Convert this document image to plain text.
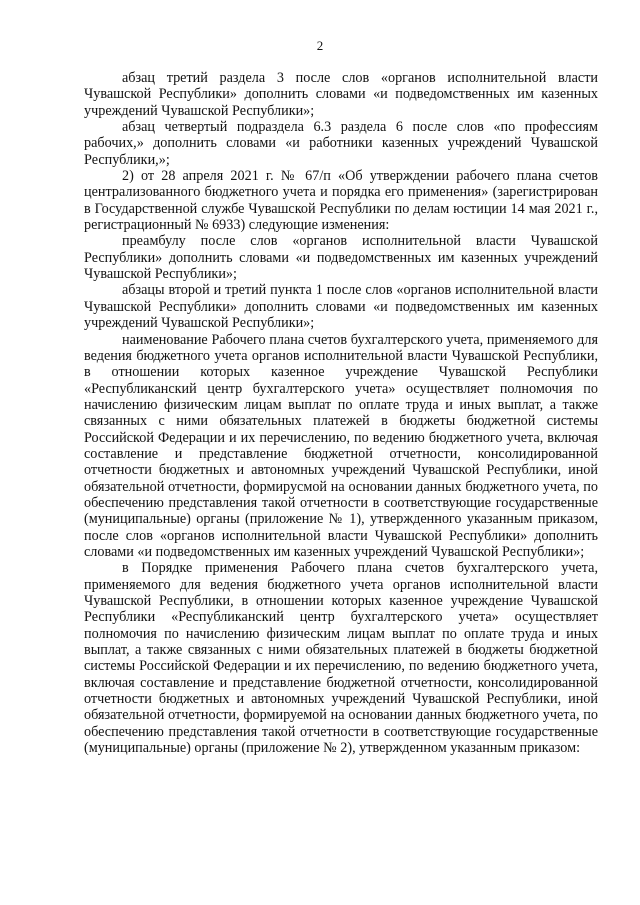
2

абзац третий раздела 3 после слов «органов исполнительной власти Чувашской Республики» дополнить словами «и подведомственных им казенных учреждений Чувашской Республики»;

абзац четвертый подраздела 6.3 раздела 6 после слов «по профессиям рабочих,» дополнить словами «и работники казенных учреждений Чувашской Республики,»;

2) от 28 апреля 2021 г. № 67/п «Об утверждении рабочего плана счетов централизованного бюджетного учета и порядка его применения» (зарегистрирован в Государственной службе Чувашской Республики по делам юстиции 14 мая 2021 г., регистрационный № 6933) следующие изменения:

преамбулу после слов «органов исполнительной власти Чувашской Республики» дополнить словами «и подведомственных им казенных учреждений Чувашской Республики»;

абзацы второй и третий пункта 1 после слов «органов исполнительной власти Чувашской Республики» дополнить словами «и подведомственных им казенных учреждений Чувашской Республики»;

наименование Рабочего плана счетов бухгалтерского учета, применяемого для ведения бюджетного учета органов исполнительной власти Чувашской Республики, в отношении которых казенное учреждение Чувашской Республики «Республиканский центр бухгалтерского учета» осуществляет полномочия по начислению физическим лицам выплат по оплате труда и иных выплат, а также связанных с ними обязательных платежей в бюджеты бюджетной системы Российской Федерации и их перечислению, по ведению бюджетного учета, включая составление и представление бюджетной отчетности, консолидированной отчетности бюджетных и автономных учреждений Чувашской Республики, иной обязательной отчетности, формирусмой на основании данных бюджетного учета, по обеспечению представления такой отчетности в соответствующие государственные (муниципальные) органы (приложение № 1), утвержденного указанным приказом, после слов «органов исполнительной власти Чувашской Республики» дополнить словами «и подведомственных им казенных учреждений Чувашской Республики»;

в Порядке применения Рабочего плана счетов бухгалтерского учета, применяемого для ведения бюджетного учета органов исполнительной власти Чувашской Республики, в отношении которых казенное учреждение Чувашской Республики «Республиканский центр бухгалтерского учета» осуществляет полномочия по начислению физическим лицам выплат по оплате труда и иных выплат, а также связанных с ними обязательных платежей в бюджеты бюджетной системы Российской Федерации и их перечислению, по ведению бюджетного учета, включая составление и представление бюджетной отчетности, консолидированной отчетности бюджетных и автономных учреждений Чувашской Республики, иной обязательной отчетности, формируемой на основании данных бюджетного учета, по обеспечению представления такой отчетности в соответствующие государственные (муниципальные) органы (приложение № 2), утвержденном указанным приказом:
